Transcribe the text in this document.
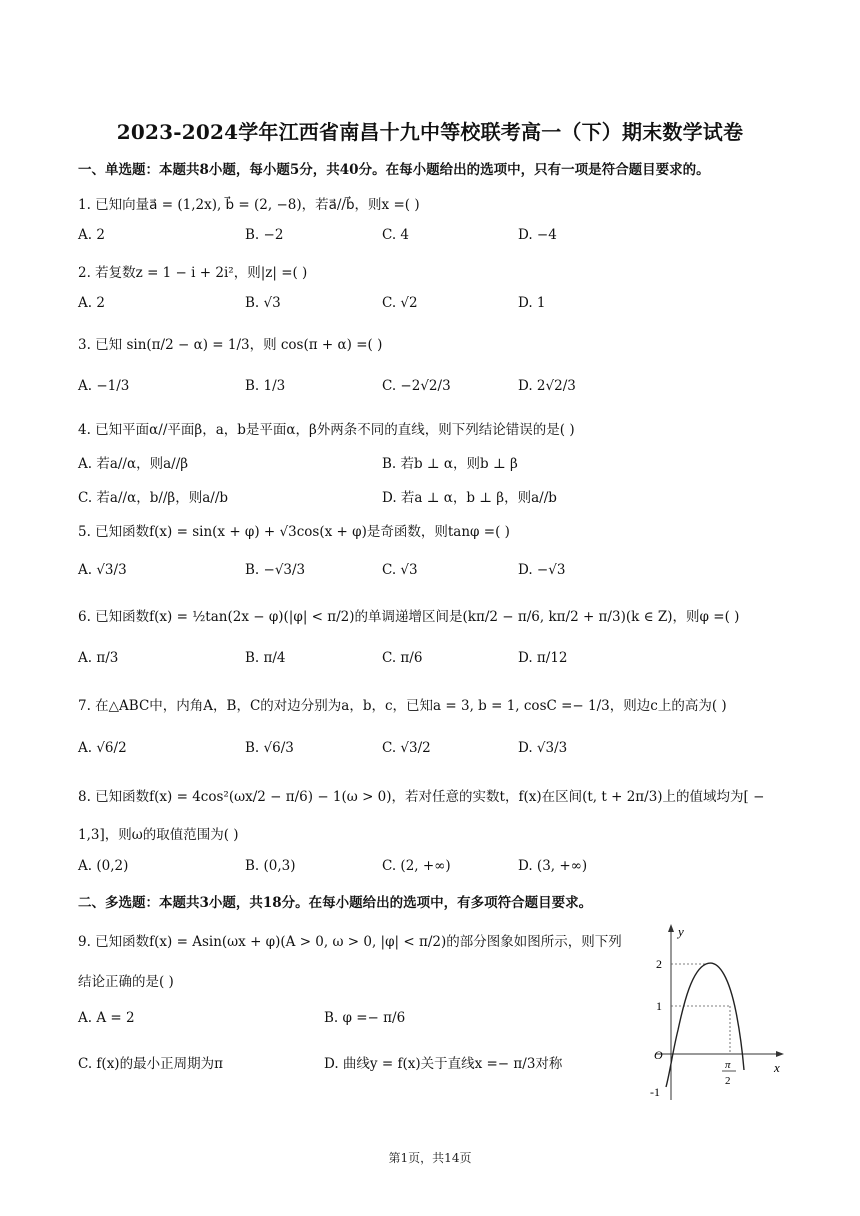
2023-2024学年江西省南昌十九中等校联考高一（下）期末数学试卷
一、单选题：本题共8小题，每小题5分，共40分。在每小题给出的选项中，只有一项是符合题目要求的。
1. 已知向量a⃗ = (1,2x), b⃗ = (2, −8)，若a⃗//b⃗，则x =( )
A. 2	B. −2	C. 4	D. −4
2. 若复数z = 1 − i + 2i²，则|z| =( )
A. 2	B. √3	C. √2	D. 1
3. 已知 sin(π/2 − α) = 1/3，则 cos(π + α) =( )
A. −1/3	B. 1/3	C. −2√2/3	D. 2√2/3
4. 已知平面α//平面β，a，b是平面α，β外两条不同的直线，则下列结论错误的是( )
A. 若a//α，则a//β	B. 若b ⊥ α，则b ⊥ β
C. 若a//α，b//β，则a//b	D. 若a ⊥ α，b ⊥ β，则a//b
5. 已知函数f(x) = sin(x + φ) + √3cos(x + φ)是奇函数，则tanφ =( )
A. √3/3	B. −√3/3	C. √3	D. −√3
6. 已知函数f(x) = ½tan(2x − φ)(|φ| < π/2)的单调递增区间是(kπ/2 − π/6, kπ/2 + π/3)(k ∈ Z)，则φ =( )
A. π/3	B. π/4	C. π/6	D. π/12
7. 在△ABC中，内角A，B，C的对边分别为a，b，c，已知a = 3, b = 1, cosC =− 1/3，则边c上的高为( )
A. √6/2	B. √6/3	C. √3/2	D. √3/3
8. 已知函数f(x) = 4cos²(ωx/2 − π/6) − 1(ω > 0)，若对任意的实数t，f(x)在区间(t, t + 2π/3)上的值域均为[ −
1,3]，则ω的取值范围为( )
A. (0,2)	B. (0,3)	C. (2, +∞)	D. (3, +∞)
二、多选题：本题共3小题，共18分。在每小题给出的选项中，有多项符合题目要求。
9. 已知函数f(x) = Asin(ωx + φ)(A > 0, ω > 0, |φ| < π/2)的部分图象如图所示，则下列
结论正确的是( )
A. A = 2	B. φ =− π/6
C. f(x)的最小正周期为π	D. 曲线y = f(x)关于直线x =− π/3对称
y
x
O
2
1
-1
π
2
第1页，共14页
